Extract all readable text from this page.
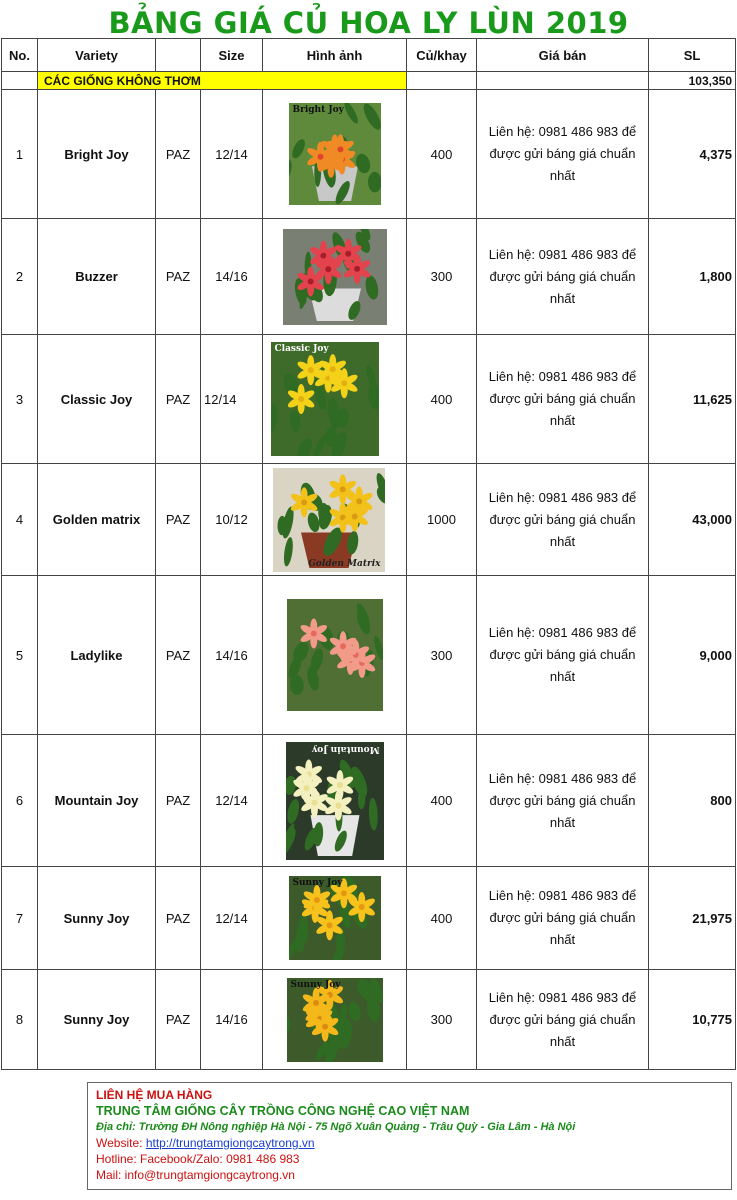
BẢNG GIÁ CỦ HOA LY LÙN 2019
No.	Variety		Size	Hình ảnh	Củ/khay	Giá bán	SL
	CÁC GIỐNG KHÔNG THƠM						103,350
1	Bright Joy	PAZ	12/14	Bright Joy	400	Liên hệ: 0981 486 983 để được gửi báng giá chuẩn nhất	4,375
2	Buzzer	PAZ	14/16		300	Liên hệ: 0981 486 983 để được gửi báng giá chuẩn nhất	1,800
3	Classic Joy	PAZ	12/14	Classic Joy	400	Liên hệ: 0981 486 983 để được gửi báng giá chuẩn nhất	11,625
4	Golden matrix	PAZ	10/12	Golden Matrix	1000	Liên hệ: 0981 486 983 để được gửi báng giá chuẩn nhất	43,000
5	Ladylike	PAZ	14/16		300	Liên hệ: 0981 486 983 để được gửi báng giá chuẩn nhất	9,000
6	Mountain Joy	PAZ	12/14	Mountain Joy	400	Liên hệ: 0981 486 983 để được gửi báng giá chuẩn nhất	800
7	Sunny Joy	PAZ	12/14	Sunny Joy	400	Liên hệ: 0981 486 983 để được gửi báng giá chuẩn nhất	21,975
8	Sunny Joy	PAZ	14/16	Sunny Joy	300	Liên hệ: 0981 486 983 để được gửi báng giá chuẩn nhất	10,775
LIÊN HỆ MUA HÀNG
TRUNG TÂM GIỐNG CÂY TRỒNG CÔNG NGHỆ CAO VIỆT NAM
Địa chỉ: Trường ĐH Nông nghiệp Hà Nội - 75 Ngõ Xuân Quảng - Trâu Quỳ - Gia Lâm - Hà Nội
Website: http://trungtamgiongcaytrong.vn
Hotline: Facebook/Zalo: 0981 486 983
Mail: info@trungtamgiongcaytrong.vn
